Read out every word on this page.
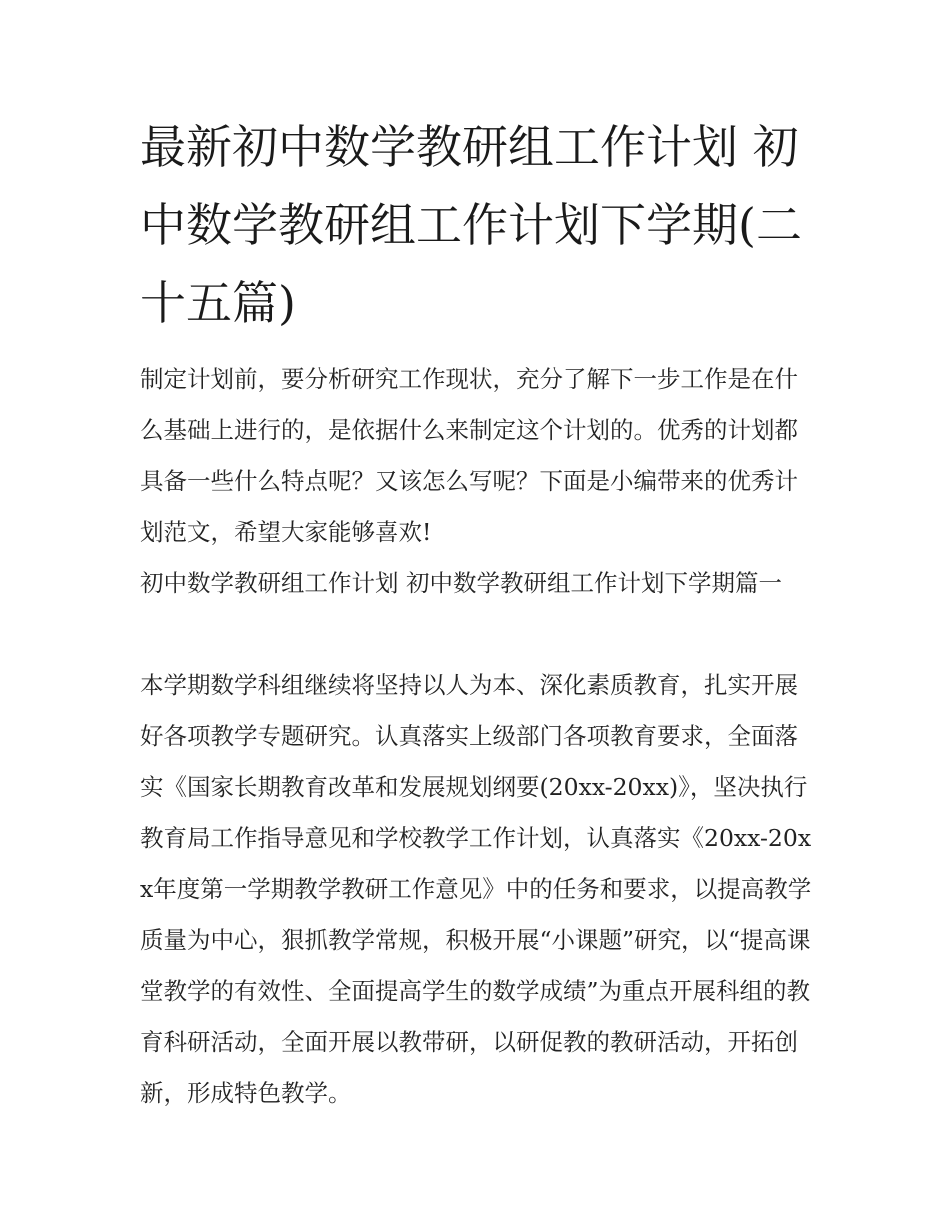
最新初中数学教研组工作计划 初中数学教研组工作计划下学期(二十五篇)

制定计划前，要分析研究工作现状，充分了解下一步工作是在什么基础上进行的，是依据什么来制定这个计划的。优秀的计划都具备一些什么特点呢？又该怎么写呢？下面是小编带来的优秀计划范文，希望大家能够喜欢!

初中数学教研组工作计划 初中数学教研组工作计划下学期篇一

本学期数学科组继续将坚持以人为本、深化素质教育，扎实开展好各项教学专题研究。认真落实上级部门各项教育要求，全面落实《国家长期教育改革和发展规划纲要(20xx-20xx)》，坚决执行教育局工作指导意见和学校教学工作计划，认真落实《20xx-20xx年度第一学期教学教研工作意见》中的任务和要求，以提高教学质量为中心，狠抓教学常规，积极开展“小课题”研究，以“提高课堂教学的有效性、全面提高学生的数学成绩”为重点开展科组的教育科研活动，全面开展以教带研，以研促教的教研活动，开拓创新，形成特色教学。
